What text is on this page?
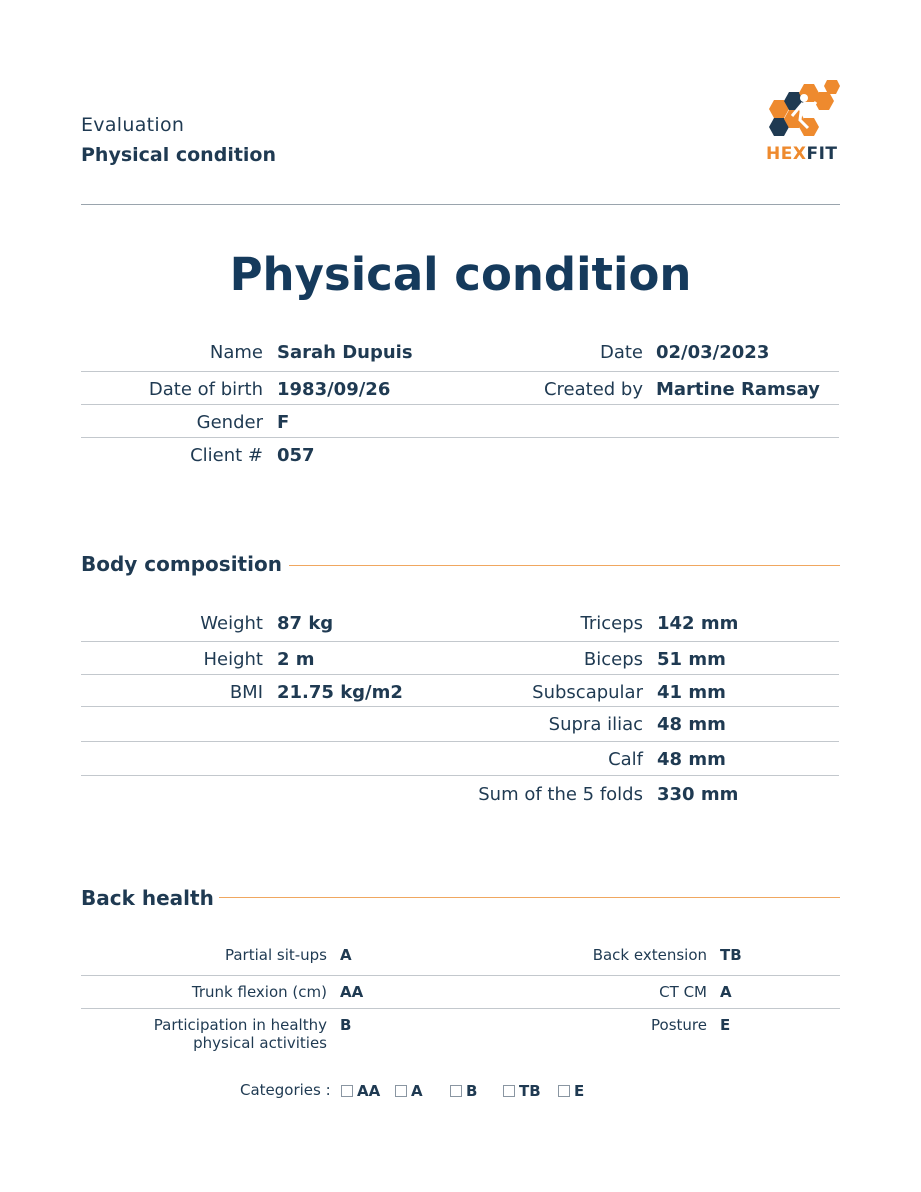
Evaluation
Physical condition	HEXFIT
Physical condition
Name Sarah Dupuis	Date 02/03/2023
Date of birth 1983/09/26	Created by Martine Ramsay
Gender F
Client # 057
Body composition
Weight 87 kg	Triceps 142 mm
Height 2 m	Biceps 51 mm
BMI 21.75 kg/m2	Subscapular 41 mm
Supra iliac 48 mm
Calf 48 mm
Sum of the 5 folds 330 mm
Back health
Partial sit-ups A	Back extension TB
Trunk flexion (cm) AA	CT CM A
Participation in healthy
physical activities
B	Posture E
Categories : AA A	B	TB E
